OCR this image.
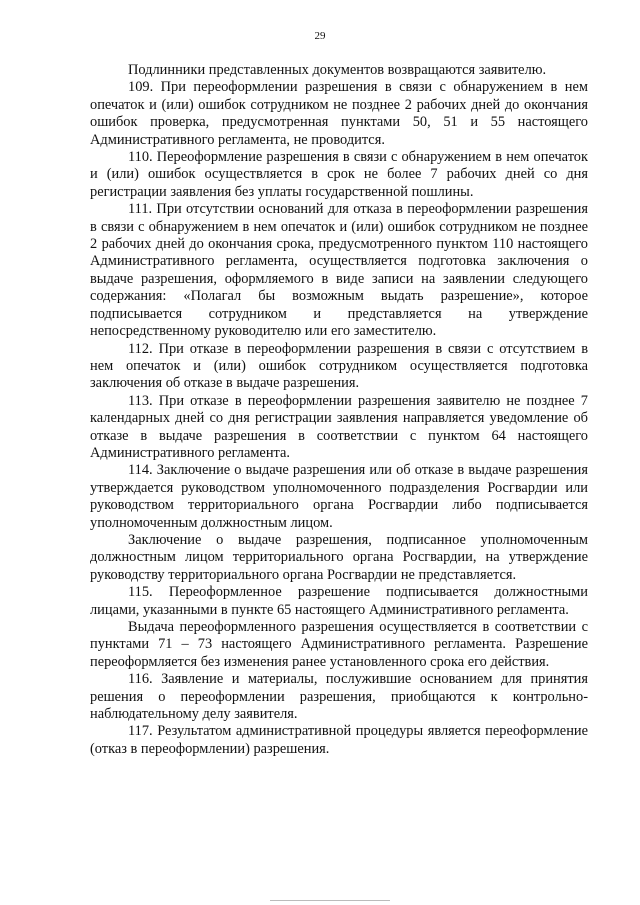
29

Подлинники представленных документов возвращаются заявителю.

109. При переоформлении разрешения в связи с обнаружением в нем опечаток и (или) ошибок сотрудником не позднее 2 рабочих дней до окончания ошибок проверка, предусмотренная пунктами 50, 51 и 55 настоящего Административного регламента, не проводится.

110. Переоформление разрешения в связи с обнаружением в нем опечаток и (или) ошибок осуществляется в срок не более 7 рабочих дней со дня регистрации заявления без уплаты государственной пошлины.

111. При отсутствии оснований для отказа в переоформлении разрешения в связи с обнаружением в нем опечаток и (или) ошибок сотрудником не позднее 2 рабочих дней до окончания срока, предусмотренного пунктом 110 настоящего Административного регламента, осуществляется подготовка заключения о выдаче разрешения, оформляемого в виде записи на заявлении следующего содержания: «Полагал бы возможным выдать разрешение», которое подписывается сотрудником и представляется на утверждение непосредственному руководителю или его заместителю.

112. При отказе в переоформлении разрешения в связи с отсутствием в нем опечаток и (или) ошибок сотрудником осуществляется подготовка заключения об отказе в выдаче разрешения.

113. При отказе в переоформлении разрешения заявителю не позднее 7 календарных дней со дня регистрации заявления направляется уведомление об отказе в выдаче разрешения в соответствии с пунктом 64 настоящего Административного регламента.

114. Заключение о выдаче разрешения или об отказе в выдаче разрешения утверждается руководством уполномоченного подразделения Росгвардии или руководством территориального органа Росгвардии либо подписывается уполномоченным должностным лицом.

Заключение о выдаче разрешения, подписанное уполномоченным должностным лицом территориального органа Росгвардии, на утверждение руководству территориального органа Росгвардии не представляется.

115. Переоформленное разрешение подписывается должностными лицами, указанными в пункте 65 настоящего Административного регламента.

Выдача переоформленного разрешения осуществляется в соответствии с пунктами 71 – 73 настоящего Административного регламента. Разрешение переоформляется без изменения ранее установленного срока его действия.

116. Заявление и материалы, послужившие основанием для принятия решения о переоформлении разрешения, приобщаются к контрольно-наблюдательному делу заявителя.

117. Результатом административной процедуры является переоформление (отказ в переоформлении) разрешения.
